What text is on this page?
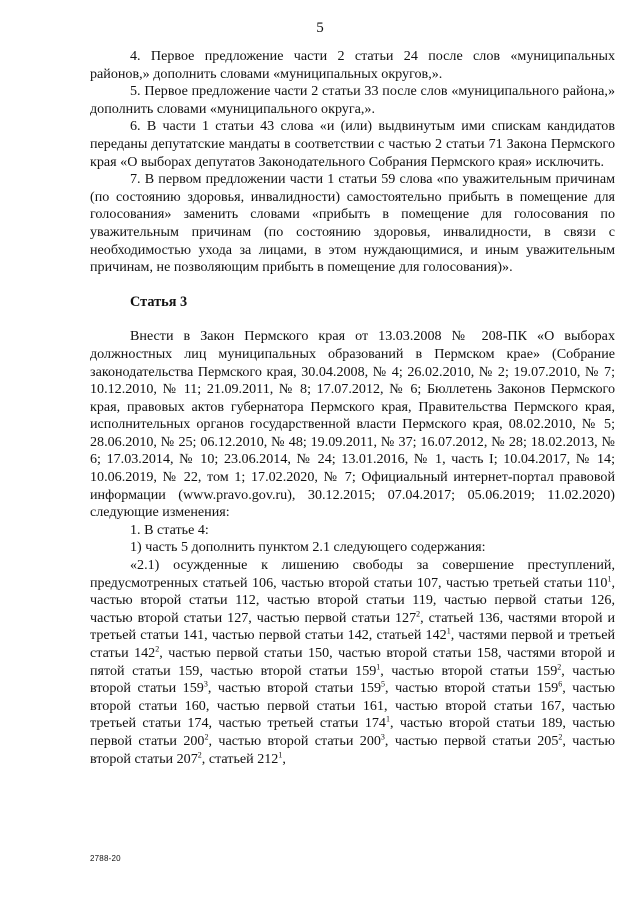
5

4. Первое предложение части 2 статьи 24 после слов «муниципальных районов,» дополнить словами «муниципальных округов,».

5. Первое предложение части 2 статьи 33 после слов «муниципального района,» дополнить словами «муниципального округа,».

6. В части 1 статьи 43 слова «и (или) выдвинутым ими спискам кандидатов переданы депутатские мандаты в соответствии с частью 2 статьи 71 Закона Пермского края «О выборах депутатов Законодательного Собрания Пермского края» исключить.

7. В первом предложении части 1 статьи 59 слова «по уважительным причинам (по состоянию здоровья, инвалидности) самостоятельно прибыть в помещение для голосования» заменить словами «прибыть в помещение для голосования по уважительным причинам (по состоянию здоровья, инвалидности, в связи с необходимостью ухода за лицами, в этом нуждающимися, и иным уважительным причинам, не позволяющим прибыть в помещение для голосования)».

Статья 3

Внести в Закон Пермского края от 13.03.2008 № 208-ПК «О выборах должностных лиц муниципальных образований в Пермском крае» (Собрание законодательства Пермского края, 30.04.2008, № 4; 26.02.2010, № 2; 19.07.2010, № 7; 10.12.2010, № 11; 21.09.2011, № 8; 17.07.2012, № 6; Бюллетень Законов Пермского края, правовых актов губернатора Пермского края, Правительства Пермского края, исполнительных органов государственной власти Пермского края, 08.02.2010, № 5; 28.06.2010, № 25; 06.12.2010, № 48; 19.09.2011, № 37; 16.07.2012, № 28; 18.02.2013, № 6; 17.03.2014, № 10; 23.06.2014, № 24; 13.01.2016, № 1, часть I; 10.04.2017, № 14; 10.06.2019, № 22, том 1; 17.02.2020, № 7; Официальный интернет-портал правовой информации (www.pravo.gov.ru), 30.12.2015; 07.04.2017; 05.06.2019; 11.02.2020) следующие изменения:

1. В статье 4:

1) часть 5 дополнить пунктом 2.1 следующего содержания:

«2.1) осужденные к лишению свободы за совершение преступлений, предусмотренных статьей 106, частью второй статьи 107, частью третьей статьи $110^1$, частью второй статьи 112, частью второй статьи 119, частью первой статьи 126, частью второй статьи 127, частью первой статьи $127^2$, статьей 136, частями второй и третьей статьи 141, частью первой статьи 142, статьей $142^1$, частями первой и третьей статьи $142^2$, частью первой статьи 150, частью второй статьи 158, частями второй и пятой статьи 159, частью второй статьи $159^1$, частью второй статьи $159^2$, частью второй статьи $159^3$, частью второй статьи $159^5$, частью второй статьи $159^6$, частью второй статьи 160, частью первой статьи 161, частью второй статьи 167, частью третьей статьи 174, частью третьей статьи $174^1$, частью второй статьи 189, частью первой статьи $200^2$, частью второй статьи $200^3$, частью первой статьи $205^2$, частью второй статьи $207^2$, статьей $212^1$,

2788-20
